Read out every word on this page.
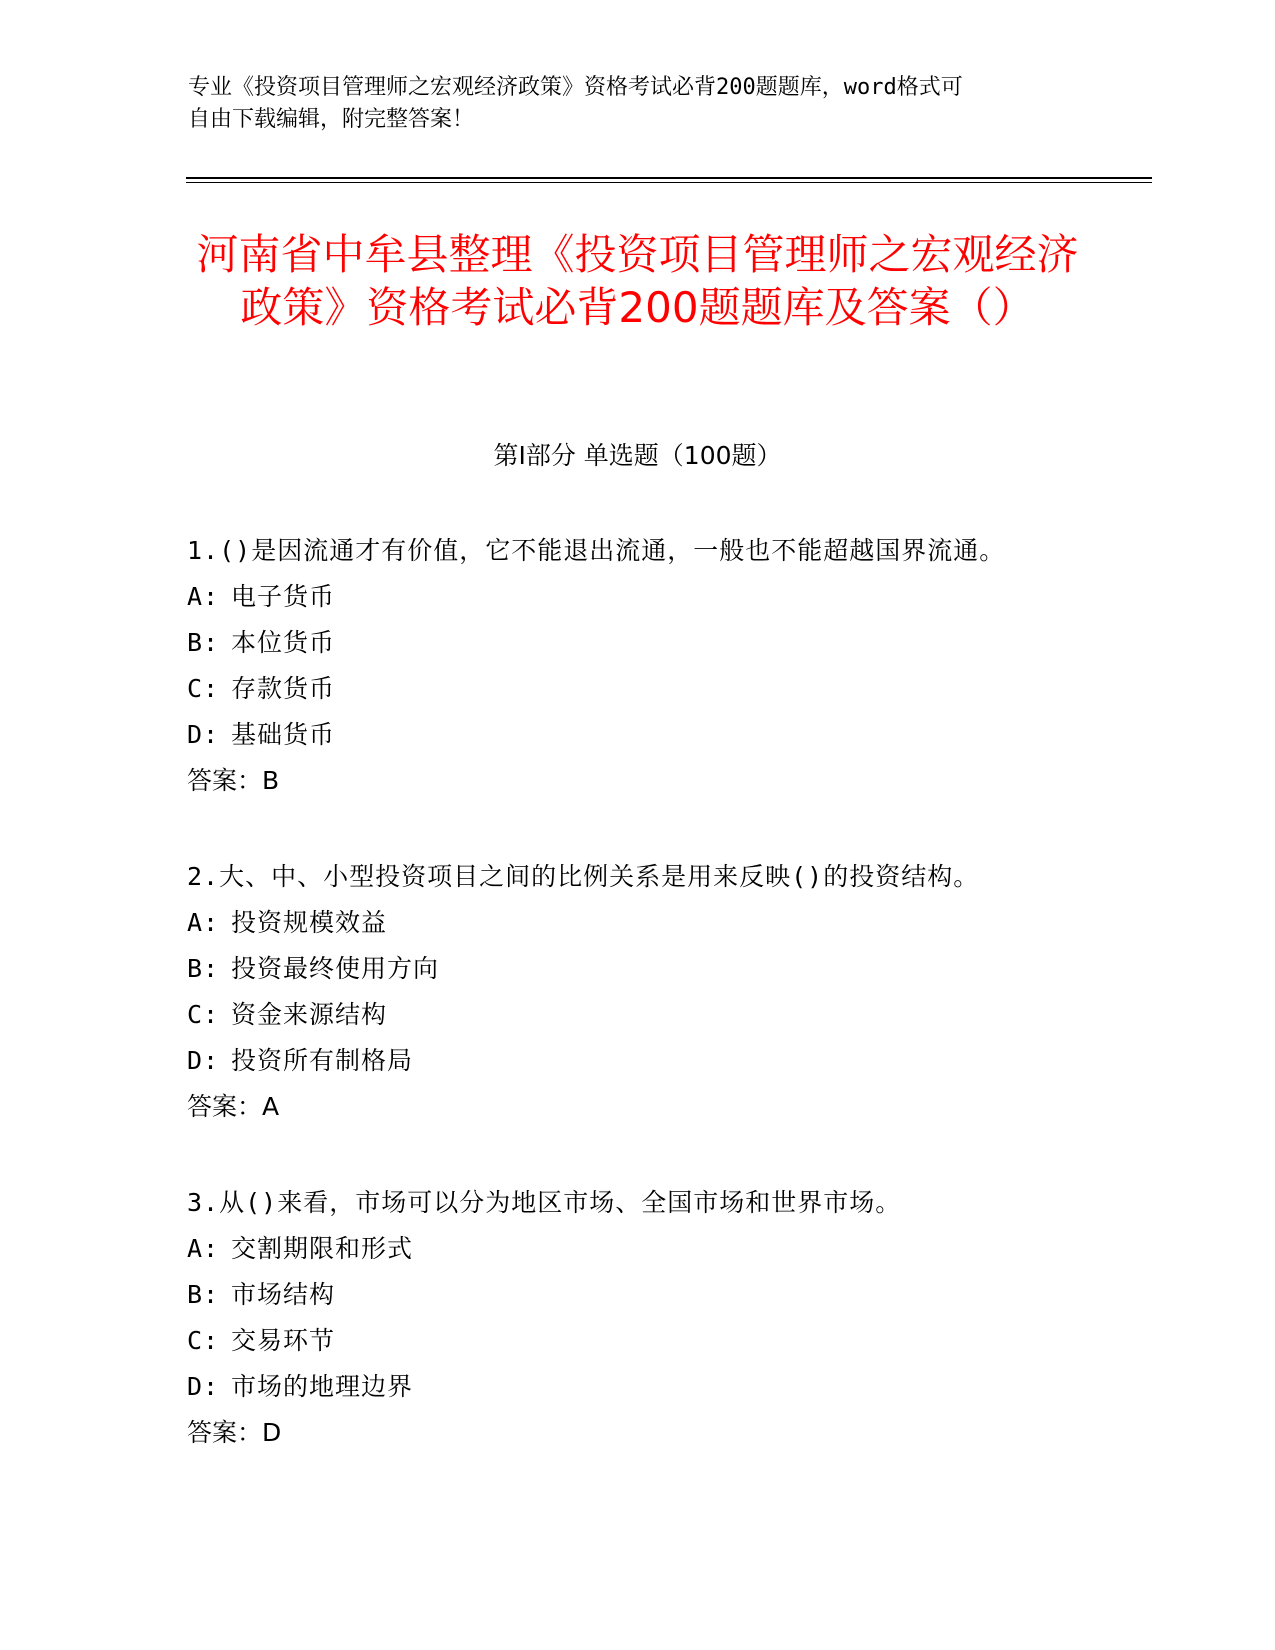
专业《投资项目管理师之宏观经济政策》资格考试必背200题题库，word格式可
自由下载编辑，附完整答案！
河南省中牟县整理《投资项目管理师之宏观经济政策》资格考试必背200题题库及答案（）
第Ⅰ部分 单选题（100题）

1.()是因流通才有价值，它不能退出流通，一般也不能超越国界流通。

A: 电子货币

B: 本位货币

C: 存款货币

D: 基础货币

答案：B

2.大、中、小型投资项目之间的比例关系是用来反映()的投资结构。

A: 投资规模效益

B: 投资最终使用方向

C: 资金来源结构

D: 投资所有制格局

答案：A

3.从()来看，市场可以分为地区市场、全国市场和世界市场。

A: 交割期限和形式

B: 市场结构

C: 交易环节

D: 市场的地理边界

答案：D
